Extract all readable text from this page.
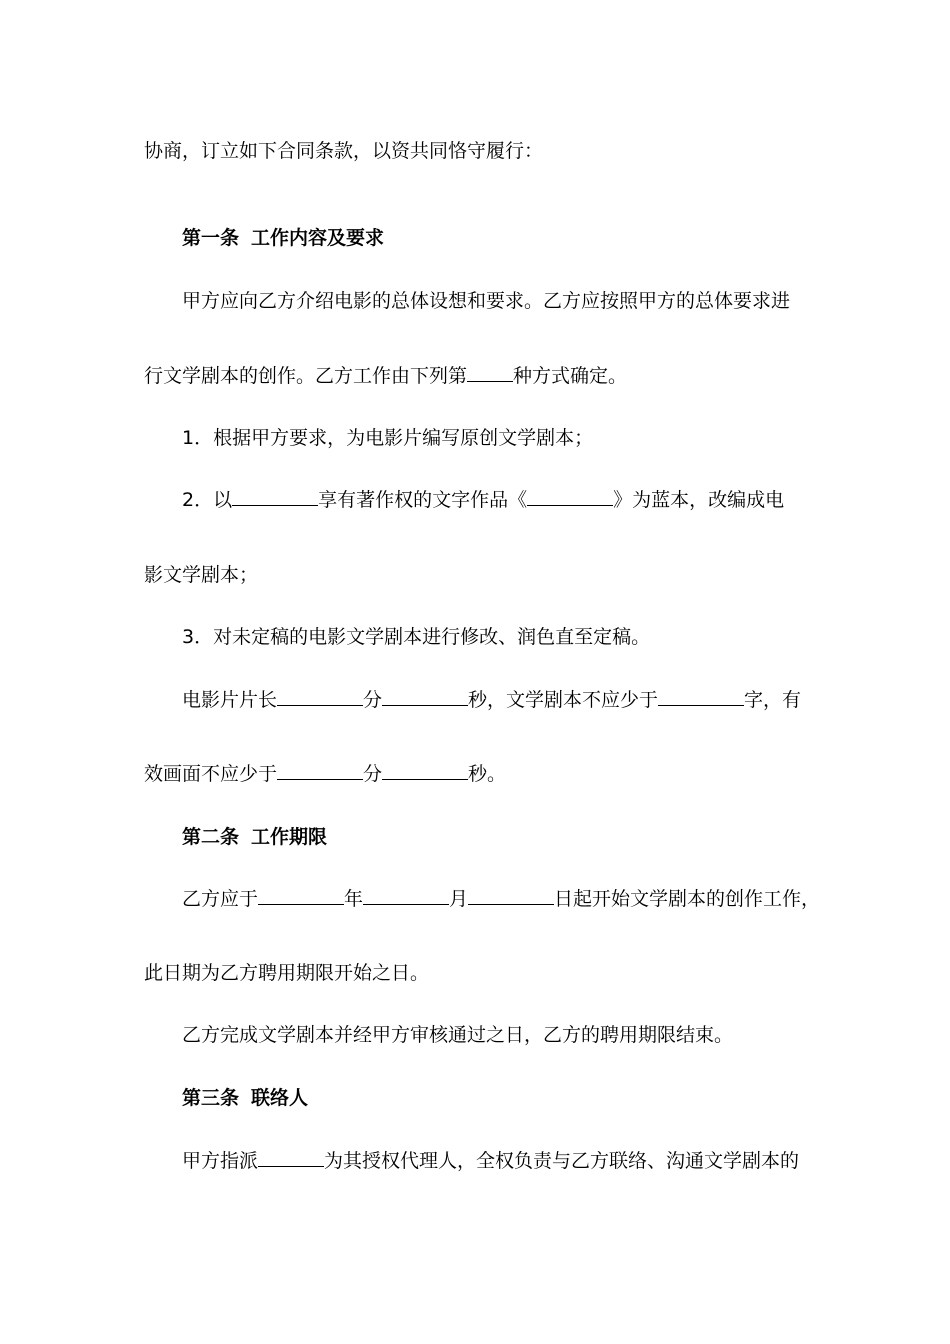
协商，订立如下合同条款，以资共同恪守履行：
第一条 工作内容及要求
甲方应向乙方介绍电影的总体设想和要求。乙方应按照甲方的总体要求进
行文学剧本的创作。乙方工作由下列第 种方式确定。
1．根据甲方要求，为电影片编写原创文学剧本；
2．以	享有著作权的文字作品《	》为蓝本，改编成电
影文学剧本；
3．对未定稿的电影文学剧本进行修改、润色直至定稿。
电影片片长	分	秒，文学剧本不应少于	字，有
效画面不应少于	分	秒。
第二条 工作期限
乙方应于	年	月	日起开始文学剧本的创作工作，
此日期为乙方聘用期限开始之日。
乙方完成文学剧本并经甲方审核通过之日，乙方的聘用期限结束。
第三条 联络人
甲方指派	为其授权代理人，全权负责与乙方联络、沟通文学剧本的
